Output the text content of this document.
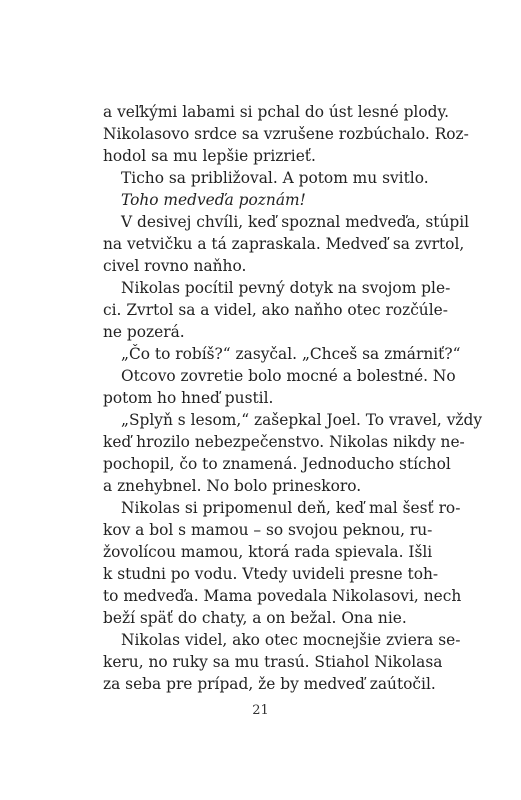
a veľkými labami si pchal do úst lesné plody.
Nikolasovo srdce sa vzrušene rozbúchalo. Roz-
hodol sa mu lepšie prizrieť.
Ticho sa približoval. A potom mu svitlo.
Toho medveďa poznám!
V desivej chvíli, keď spoznal medveďa, stúpil
na vetvičku a tá zapraskala. Medveď sa zvrtol,
civel rovno naňho.
Nikolas pocítil pevný dotyk na svojom ple-
ci. Zvrtol sa a videl, ako naňho otec rozčúle-
ne pozerá.
„Čo to robíš?“ zasyčal. „Chceš sa zmárniť?“
Otcovo zovretie bolo mocné a bolestné. No
potom ho hneď pustil.
„Splyň s lesom,“ zašepkal Joel. To vravel, vždy
keď hrozilo nebezpečenstvo. Nikolas nikdy ne-
pochopil, čo to znamená. Jednoducho stíchol
a znehybnel. No bolo prineskoro.
Nikolas si pripomenul deň, keď mal šesť ro-
kov a bol s mamou – so svojou peknou, ru-
žovolícou mamou, ktorá rada spievala. Išli
k studni po vodu. Vtedy uvideli presne toh-
to medveďa. Mama povedala Nikolasovi, nech
beží späť do chaty, a on bežal. Ona nie.
Nikolas videl, ako otec mocnejšie zviera se-
keru, no ruky sa mu trasú. Stiahol Nikolasa
za seba pre prípad, že by medveď zaútočil.
21
